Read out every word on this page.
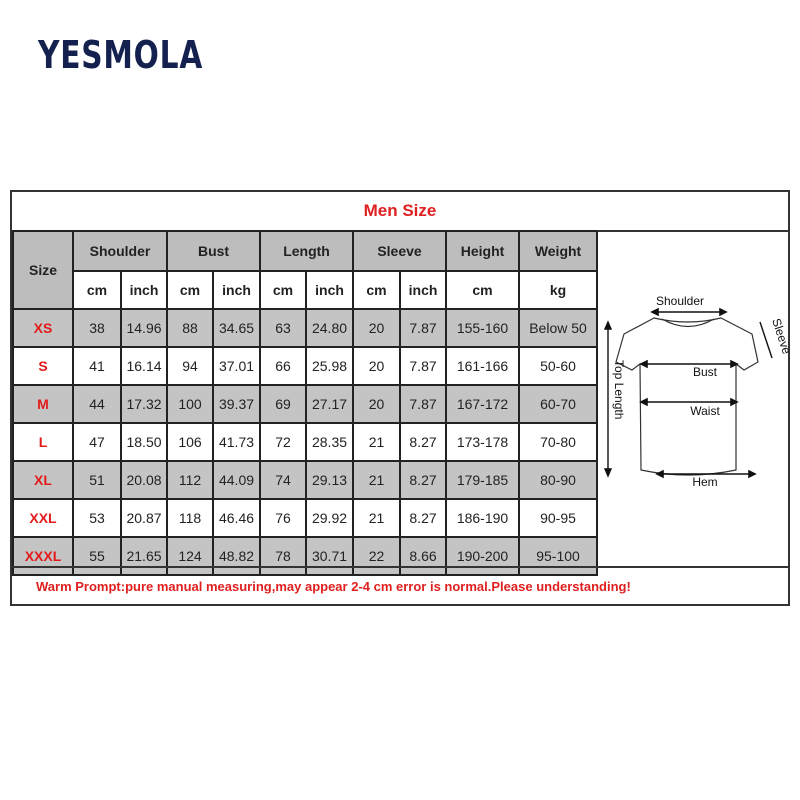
YESMOLA
Men Size
Size	Shoulder		Bust		Length		Sleeve		Height	Weight
	cm	inch	cm	inch	cm	inch	cm	inch	cm	kg
XS	38	14.96	88	34.65	63	24.80	20	7.87	155-160	Below 50
S	41	16.14	94	37.01	66	25.98	20	7.87	161-166	50-60
M	44	17.32	100	39.37	69	27.17	20	7.87	167-172	60-70
L	47	18.50	106	41.73	72	28.35	21	8.27	173-178	70-80
XL	51	20.08	112	44.09	74	29.13	21	8.27	179-185	80-90
XXL	53	20.87	118	46.46	76	29.92	21	8.27	186-190	90-95
XXXL	55	21.65	124	48.82	78	30.71	22	8.66	190-200	95-100
Shoulder
Sleeve
Top Length	Bust
Waist
Hem
Warm Prompt:pure manual measuring,may appear 2-4 cm error is normal.Please understanding!
